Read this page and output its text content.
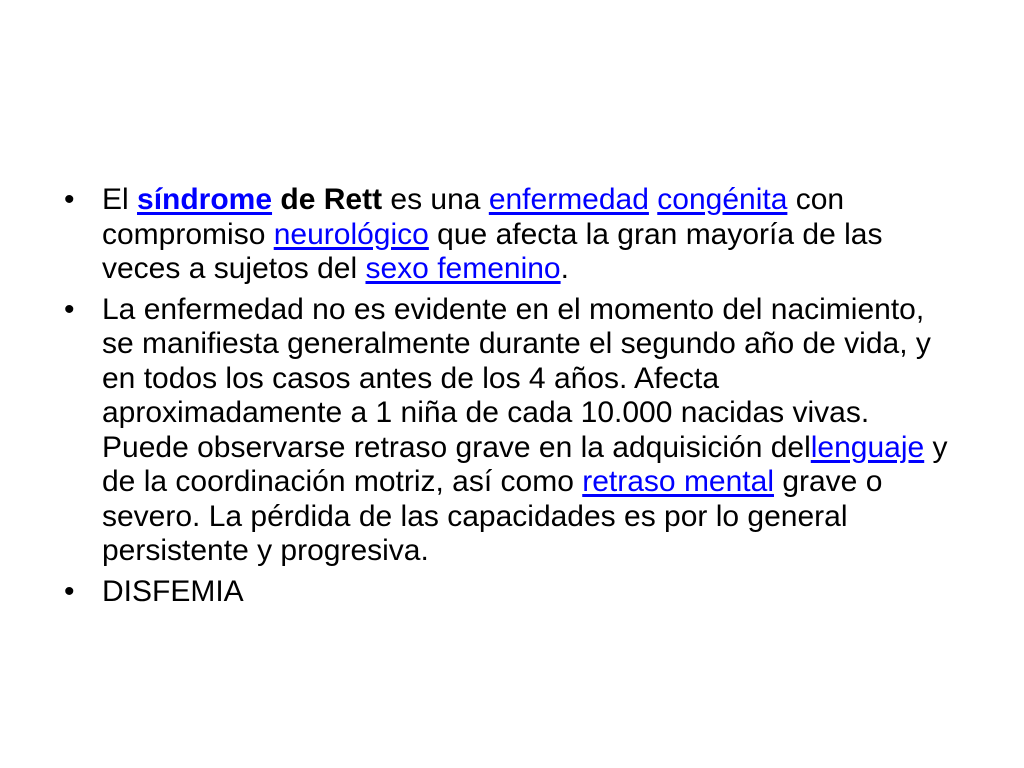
• El síndrome de Rett es una enfermedad congénita con compromiso neurológico que afecta la gran mayoría de las veces a sujetos del sexo femenino.
• La enfermedad no es evidente en el momento del nacimiento, se manifiesta generalmente durante el segundo año de vida, y en todos los casos antes de los 4 años. Afecta aproximadamente a 1 niña de cada 10.000 nacidas vivas. Puede observarse retraso grave en la adquisición dellenguaje y de la coordinación motriz, así como retraso mental grave o severo. La pérdida de las capacidades es por lo general persistente y progresiva.
• DISFEMIA
